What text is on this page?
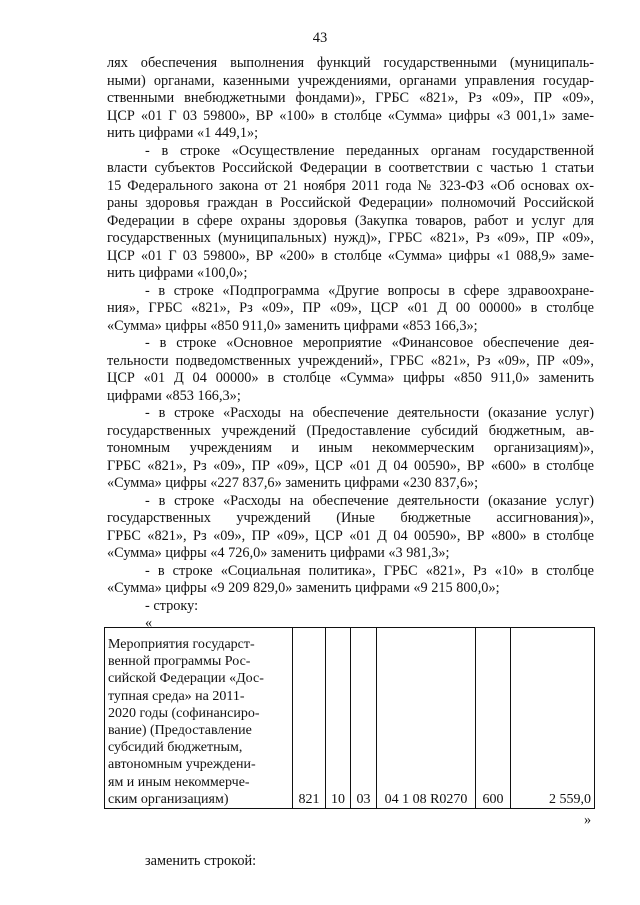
43
лях обеспечения выполнения функций государственными (муниципаль-
ными) органами, казенными учреждениями, органами управления государ-
ственными внебюджетными фондами)», ГРБС «821», Рз «09», ПР «09»,
ЦСР «01 Г 03 59800», ВР «100» в столбце «Сумма» цифры «3 001,1» заме-
нить цифрами «1 449,1»;
- в строке «Осуществление переданных органам государственной
власти субъектов Российской Федерации в соответствии с частью 1 статьи
15 Федерального закона от 21 ноября 2011 года № 323-ФЗ «Об основах ох-
раны здоровья граждан в Российской Федерации» полномочий Российской
Федерации в сфере охраны здоровья (Закупка товаров, работ и услуг для
государственных (муниципальных) нужд)», ГРБС «821», Рз «09», ПР «09»,
ЦСР «01 Г 03 59800», ВР «200» в столбце «Сумма» цифры «1 088,9» заме-
нить цифрами «100,0»;
- в строке «Подпрограмма «Другие вопросы в сфере здравоохране-
ния», ГРБС «821», Рз «09», ПР «09», ЦСР «01 Д 00 00000» в столбце
«Сумма» цифры «850 911,0» заменить цифрами «853 166,3»;
- в строке «Основное мероприятие «Финансовое обеспечение дея-
тельности подведомственных учреждений», ГРБС «821», Рз «09», ПР «09»,
ЦСР «01 Д 04 00000» в столбце «Сумма» цифры «850 911,0» заменить
цифрами «853 166,3»;
- в строке «Расходы на обеспечение деятельности (оказание услуг)
государственных учреждений (Предоставление субсидий бюджетным, ав-
тономным учреждениям и иным некоммерческим организациям)»,
ГРБС «821», Рз «09», ПР «09», ЦСР «01 Д 04 00590», ВР «600» в столбце
«Сумма» цифры «227 837,6» заменить цифрами «230 837,6»;
- в строке «Расходы на обеспечение деятельности (оказание услуг)
государственных учреждений (Иные бюджетные ассигнования)»,
ГРБС «821», Рз «09», ПР «09», ЦСР «01 Д 04 00590», ВР «800» в столбце
«Сумма» цифры «4 726,0» заменить цифрами «3 981,3»;
- в строке «Социальная политика», ГРБС «821», Рз «10» в столбце
«Сумма» цифры «9 209 829,0» заменить цифрами «9 215 800,0»;
- строку:
«
Мероприятия государст-
венной программы Рос-
сийской Федерации «Дос-
тупная среда» на 2011-
2020 годы (софинансиро-
вание) (Предоставление
субсидий бюджетным,
автономным учреждени-
ям и иным некоммерче-
ским организациям)	821	10	03	04 1 08 R0270	600	2 559,0
»
заменить строкой:
